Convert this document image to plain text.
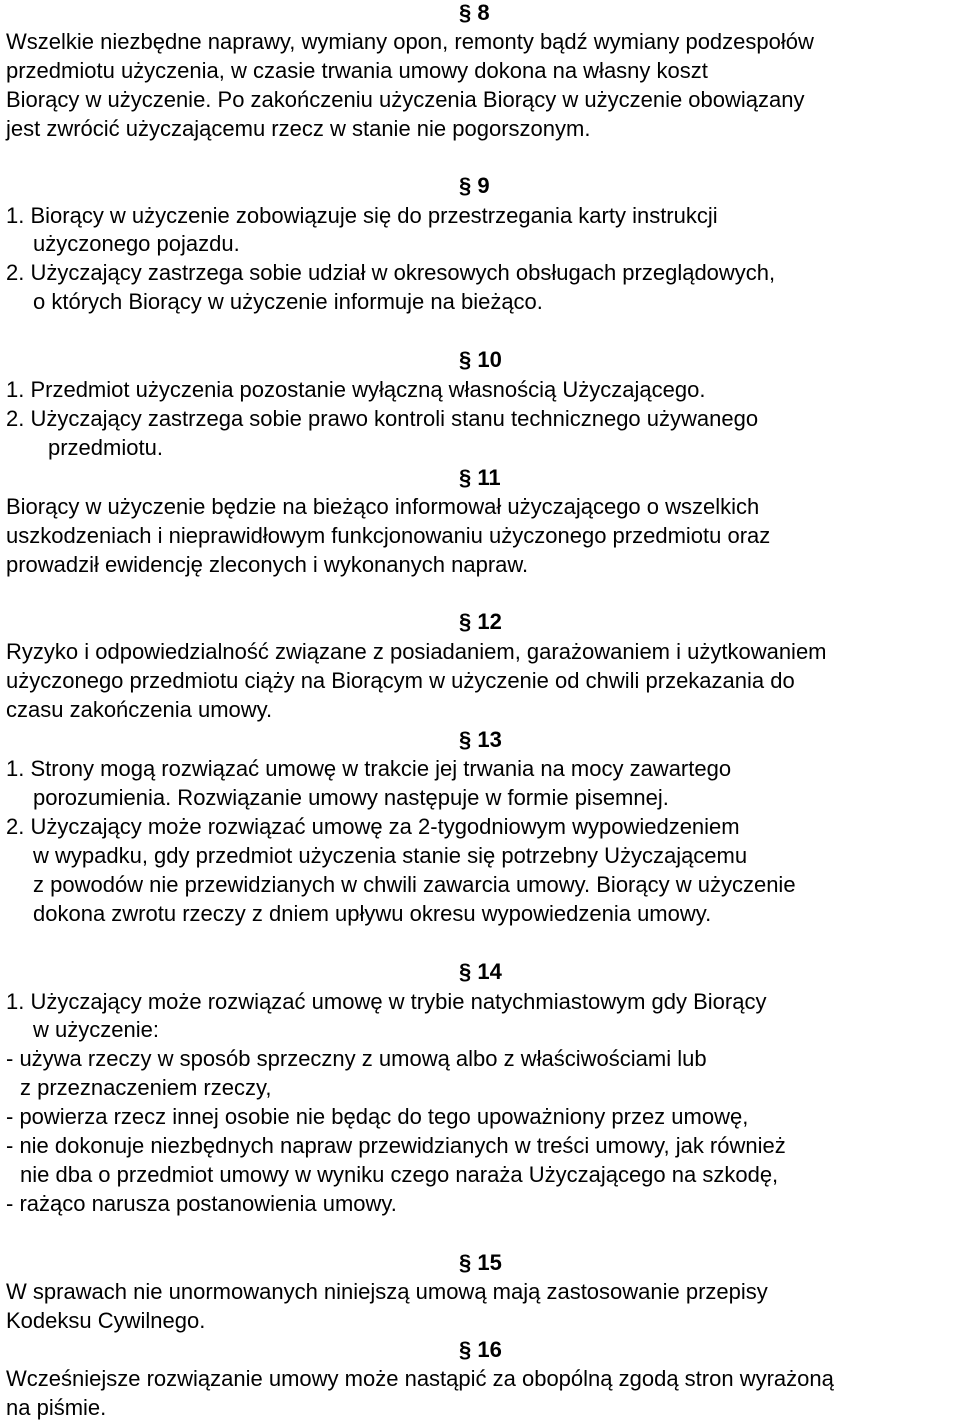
§ 8
Wszelkie niezbędne naprawy, wymiany opon, remonty bądź wymiany podzespołów
przedmiotu użyczenia, w czasie trwania umowy dokona na własny koszt
Biorący w użyczenie. Po zakończeniu użyczenia Biorący w użyczenie obowiązany
jest zwrócić użyczającemu rzecz w stanie nie pogorszonym.
§ 9
1. Biorący w użyczenie zobowiązuje się do przestrzegania karty instrukcji
użyczonego pojazdu.
2. Użyczający zastrzega sobie udział w okresowych obsługach przeglądowych,
o których Biorący w użyczenie informuje na bieżąco.
§ 10
1. Przedmiot użyczenia pozostanie wyłączną własnością Użyczającego.
2. Użyczający zastrzega sobie prawo kontroli stanu technicznego używanego
przedmiotu.
§ 11
Biorący w użyczenie będzie na bieżąco informował użyczającego o wszelkich
uszkodzeniach i nieprawidłowym funkcjonowaniu użyczonego przedmiotu oraz
prowadził ewidencję zleconych i wykonanych napraw.
§ 12
Ryzyko i odpowiedzialność związane z posiadaniem, garażowaniem i użytkowaniem
użyczonego przedmiotu ciąży na Biorącym w użyczenie od chwili przekazania do
czasu zakończenia umowy.
§ 13
1. Strony mogą rozwiązać umowę w trakcie jej trwania na mocy zawartego
porozumienia. Rozwiązanie umowy następuje w formie pisemnej.
2. Użyczający może rozwiązać umowę za 2-tygodniowym wypowiedzeniem
w wypadku, gdy przedmiot użyczenia stanie się potrzebny Użyczającemu
z powodów nie przewidzianych w chwili zawarcia umowy. Biorący w użyczenie
dokona zwrotu rzeczy z dniem upływu okresu wypowiedzenia umowy.
§ 14
1. Użyczający może rozwiązać umowę w trybie natychmiastowym gdy Biorący
w użyczenie:
- używa rzeczy w sposób sprzeczny z umową albo z właściwościami lub
z przeznaczeniem rzeczy,
- powierza rzecz innej osobie nie będąc do tego upoważniony przez umowę,
- nie dokonuje niezbędnych napraw przewidzianych w treści umowy, jak również
nie dba o przedmiot umowy w wyniku czego naraża Użyczającego na szkodę,
- rażąco narusza postanowienia umowy.
§ 15
W sprawach nie unormowanych niniejszą umową mają zastosowanie przepisy
Kodeksu Cywilnego.
§ 16
Wcześniejsze rozwiązanie umowy może nastąpić za obopólną zgodą stron wyrażoną
na piśmie.
